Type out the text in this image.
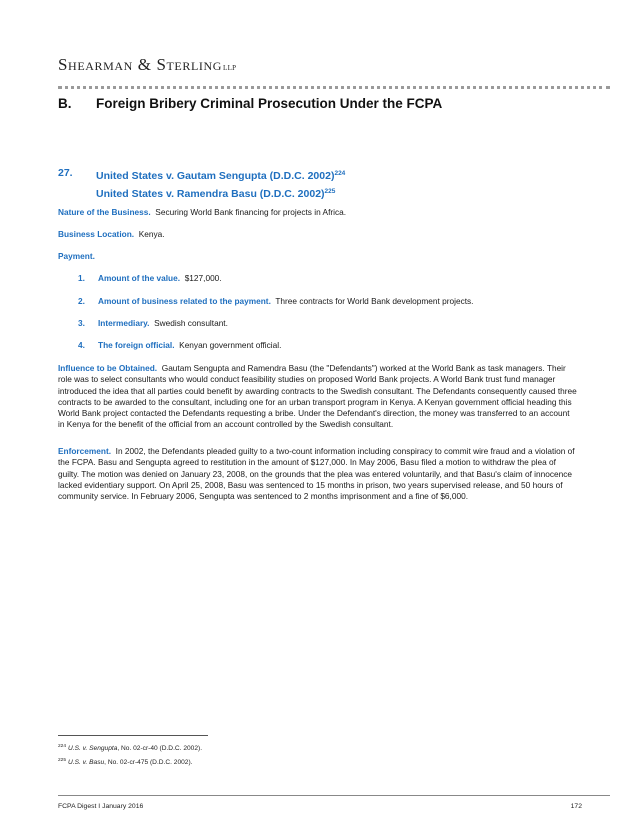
Shearman & SterlingLLP
B. Foreign Bribery Criminal Prosecution Under the FCPA
27. United States v. Gautam Sengupta (D.D.C. 2002)$^{224}$
United States v. Ramendra Basu (D.D.C. 2002)$^{225}$
Nature of the Business. Securing World Bank financing for projects in Africa.
Business Location. Kenya.
Payment.
1. Amount of the value. $127,000.
2. Amount of business related to the payment. Three contracts for World Bank development projects.
3. Intermediary. Swedish consultant.
4. The foreign official. Kenyan government official.
Influence to be Obtained. Gautam Sengupta and Ramendra Basu (the "Defendants") worked at the World Bank as task managers. Their role was to select consultants who would conduct feasibility studies on proposed World Bank projects. A World Bank trust fund manager introduced the idea that all parties could benefit by awarding contracts to the Swedish consultant. The Defendants consequently caused three contracts to be awarded to the consultant, including one for an urban transport program in Kenya. A Kenyan government official heading this World Bank project contacted the Defendants requesting a bribe. Under the Defendant's direction, the money was transferred to an account in Kenya for the benefit of the official from an account controlled by the Swedish consultant.
Enforcement. In 2002, the Defendants pleaded guilty to a two-count information including conspiracy to commit wire fraud and a violation of the FCPA. Basu and Sengupta agreed to restitution in the amount of $127,000. In May 2006, Basu filed a motion to withdraw the plea of guilty. The motion was denied on January 23, 2008, on the grounds that the plea was entered voluntarily, and that Basu's claim of innocence lacked evidentiary support. On April 25, 2008, Basu was sentenced to 15 months in prison, two years supervised release, and 50 hours of community service. In February 2006, Sengupta was sentenced to 2 months imprisonment and a fine of $6,000.
$^{224}$ U.S. v. Sengupta, No. 02-cr-40 (D.D.C. 2002).
$^{225}$ U.S. v. Basu, No. 02-cr-475 (D.D.C. 2002).
FCPA Digest I January 2016	172
